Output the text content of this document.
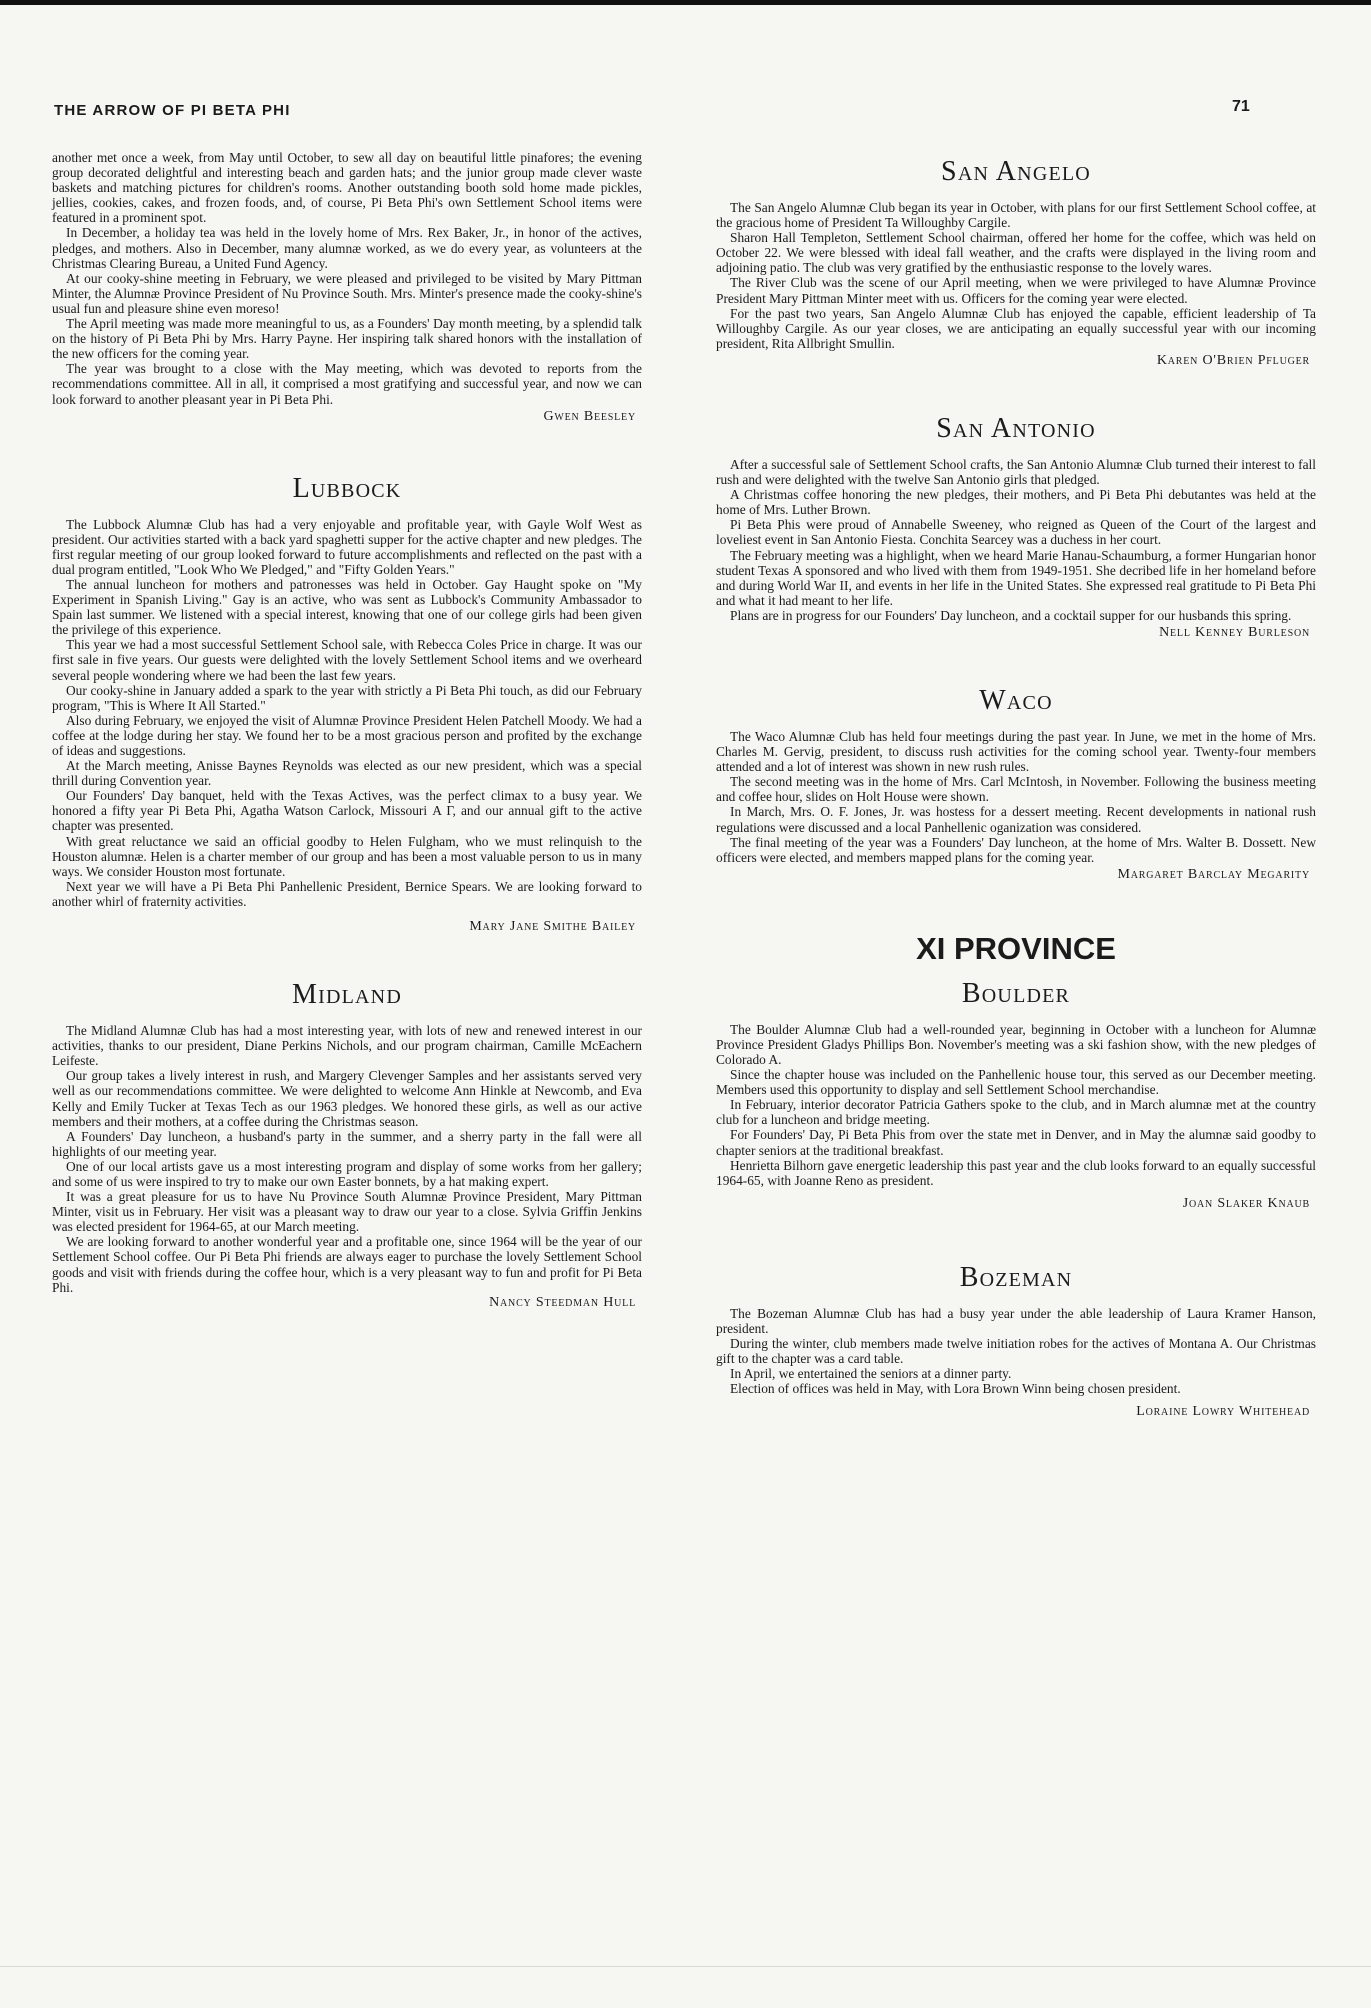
THE ARROW OF PI BETA PHI	71

another met once a week, from May until October, to sew all day on beautiful little pinafores; the evening group decorated delightful and interesting beach and garden hats; and the junior group made clever waste baskets and matching pictures for children's rooms. Another outstanding booth sold home made pickles, jellies, cookies, cakes, and frozen foods, and, of course, Pi Beta Phi's own Settlement School items were featured in a prominent spot.

In December, a holiday tea was held in the lovely home of Mrs. Rex Baker, Jr., in honor of the actives, pledges, and mothers. Also in December, many alumnæ worked, as we do every year, as volunteers at the Christmas Clearing Bureau, a United Fund Agency.

At our cooky-shine meeting in February, we were pleased and privileged to be visited by Mary Pittman Minter, the Alumnæ Province President of Nu Province South. Mrs. Minter's presence made the cooky-shine's usual fun and pleasure shine even moreso!

The April meeting was made more meaningful to us, as a Founders' Day month meeting, by a splendid talk on the history of Pi Beta Phi by Mrs. Harry Payne. Her inspiring talk shared honors with the installation of the new officers for the coming year.

The year was brought to a close with the May meeting, which was devoted to reports from the recommendations committee. All in all, it comprised a most gratifying and successful year, and now we can look forward to another pleasant year in Pi Beta Phi.

Gwen Beesley
Lubbock

The Lubbock Alumnæ Club has had a very enjoyable and profitable year, with Gayle Wolf West as president. Our activities started with a back yard spaghetti supper for the active chapter and new pledges. The first regular meeting of our group looked forward to future accomplishments and reflected on the past with a dual program entitled, "Look Who We Pledged," and "Fifty Golden Years."

The annual luncheon for mothers and patronesses was held in October. Gay Haught spoke on "My Experiment in Spanish Living." Gay is an active, who was sent as Lubbock's Community Ambassador to Spain last summer. We listened with a special interest, knowing that one of our college girls had been given the privilege of this experience.

This year we had a most successful Settlement School sale, with Rebecca Coles Price in charge. It was our first sale in five years. Our guests were delighted with the lovely Settlement School items and we overheard several people wondering where we had been the last few years.

Our cooky-shine in January added a spark to the year with strictly a Pi Beta Phi touch, as did our February program, "This is Where It All Started."

Also during February, we enjoyed the visit of Alumnæ Province President Helen Patchell Moody. We had a coffee at the lodge during her stay. We found her to be a most gracious person and profited by the exchange of ideas and suggestions.

At the March meeting, Anisse Baynes Reynolds was elected as our new president, which was a special thrill during Convention year.

Our Founders' Day banquet, held with the Texas Actives, was the perfect climax to a busy year. We honored a fifty year Pi Beta Phi, Agatha Watson Carlock, Missouri Α Γ, and our annual gift to the active chapter was presented.

With great reluctance we said an official goodby to Helen Fulgham, who we must relinquish to the Houston alumnæ. Helen is a charter member of our group and has been a most valuable person to us in many ways. We consider Houston most fortunate.

Next year we will have a Pi Beta Phi Panhellenic President, Bernice Spears. We are looking forward to another whirl of fraternity activities.

Mary Jane Smithe Bailey
Midland

The Midland Alumnæ Club has had a most interesting year, with lots of new and renewed interest in our activities, thanks to our president, Diane Perkins Nichols, and our program chairman, Camille McEachern Leifeste.

Our group takes a lively interest in rush, and Margery Clevenger Samples and her assistants served very well as our recommendations committee. We were delighted to welcome Ann Hinkle at Newcomb, and Eva Kelly and Emily Tucker at Texas Tech as our 1963 pledges. We honored these girls, as well as our active members and their mothers, at a coffee during the Christmas season.

A Founders' Day luncheon, a husband's party in the summer, and a sherry party in the fall were all highlights of our meeting year.

One of our local artists gave us a most interesting program and display of some works from her gallery; and some of us were inspired to try to make our own Easter bonnets, by a hat making expert.

It was a great pleasure for us to have Nu Province South Alumnæ Province President, Mary Pittman Minter, visit us in February. Her visit was a pleasant way to draw our year to a close. Sylvia Griffin Jenkins was elected president for 1964-65, at our March meeting.

We are looking forward to another wonderful year and a profitable one, since 1964 will be the year of our Settlement School coffee. Our Pi Beta Phi friends are always eager to purchase the lovely Settlement School goods and visit with friends during the coffee hour, which is a very pleasant way to fun and profit for Pi Beta Phi.

Nancy Steedman Hull
San Angelo

The San Angelo Alumnæ Club began its year in October, with plans for our first Settlement School coffee, at the gracious home of President Ta Willoughby Cargile.

Sharon Hall Templeton, Settlement School chairman, offered her home for the coffee, which was held on October 22. We were blessed with ideal fall weather, and the crafts were displayed in the living room and adjoining patio. The club was very gratified by the enthusiastic response to the lovely wares.

The River Club was the scene of our April meeting, when we were privileged to have Alumnæ Province President Mary Pittman Minter meet with us. Officers for the coming year were elected.

For the past two years, San Angelo Alumnæ Club has enjoyed the capable, efficient leadership of Ta Willoughby Cargile. As our year closes, we are anticipating an equally successful year with our incoming president, Rita Allbright Smullin.

Karen O'Brien Pfluger
San Antonio

After a successful sale of Settlement School crafts, the San Antonio Alumnæ Club turned their interest to fall rush and were delighted with the twelve San Antonio girls that pledged.

A Christmas coffee honoring the new pledges, their mothers, and Pi Beta Phi debutantes was held at the home of Mrs. Luther Brown.

Pi Beta Phis were proud of Annabelle Sweeney, who reigned as Queen of the Court of the largest and loveliest event in San Antonio Fiesta. Conchita Searcey was a duchess in her court.

The February meeting was a highlight, when we heard Marie Hanau-Schaumburg, a former Hungarian honor student Texas Α sponsored and who lived with them from 1949-1951. She decribed life in her homeland before and during World War II, and events in her life in the United States. She expressed real gratitude to Pi Beta Phi and what it had meant to her life.

Plans are in progress for our Founders' Day luncheon, and a cocktail supper for our husbands this spring.

Nell Kenney Burleson
Waco

The Waco Alumnæ Club has held four meetings during the past year. In June, we met in the home of Mrs. Charles M. Gervig, president, to discuss rush activities for the coming school year. Twenty-four members attended and a lot of interest was shown in new rush rules.

The second meeting was in the home of Mrs. Carl McIntosh, in November. Following the business meeting and coffee hour, slides on Holt House were shown.

In March, Mrs. O. F. Jones, Jr. was hostess for a dessert meeting. Recent developments in national rush regulations were discussed and a local Panhellenic oganization was considered.

The final meeting of the year was a Founders' Day luncheon, at the home of Mrs. Walter B. Dossett. New officers were elected, and members mapped plans for the coming year.

Margaret Barclay Megarity
XI PROVINCE
Boulder

The Boulder Alumnæ Club had a well-rounded year, beginning in October with a luncheon for Alumnæ Province President Gladys Phillips Bon. November's meeting was a ski fashion show, with the new pledges of Colorado A.

Since the chapter house was included on the Panhellenic house tour, this served as our December meeting. Members used this opportunity to display and sell Settlement School merchandise.

In February, interior decorator Patricia Gathers spoke to the club, and in March alumnæ met at the country club for a luncheon and bridge meeting.

For Founders' Day, Pi Beta Phis from over the state met in Denver, and in May the alumnæ said goodby to chapter seniors at the traditional breakfast.

Henrietta Bilhorn gave energetic leadership this past year and the club looks forward to an equally successful 1964-65, with Joanne Reno as president.

Joan Slaker Knaub
Bozeman

The Bozeman Alumnæ Club has had a busy year under the able leadership of Laura Kramer Hanson, president.

During the winter, club members made twelve initiation robes for the actives of Montana A. Our Christmas gift to the chapter was a card table.

In April, we entertained the seniors at a dinner party.

Election of offices was held in May, with Lora Brown Winn being chosen president.

Loraine Lowry Whitehead
